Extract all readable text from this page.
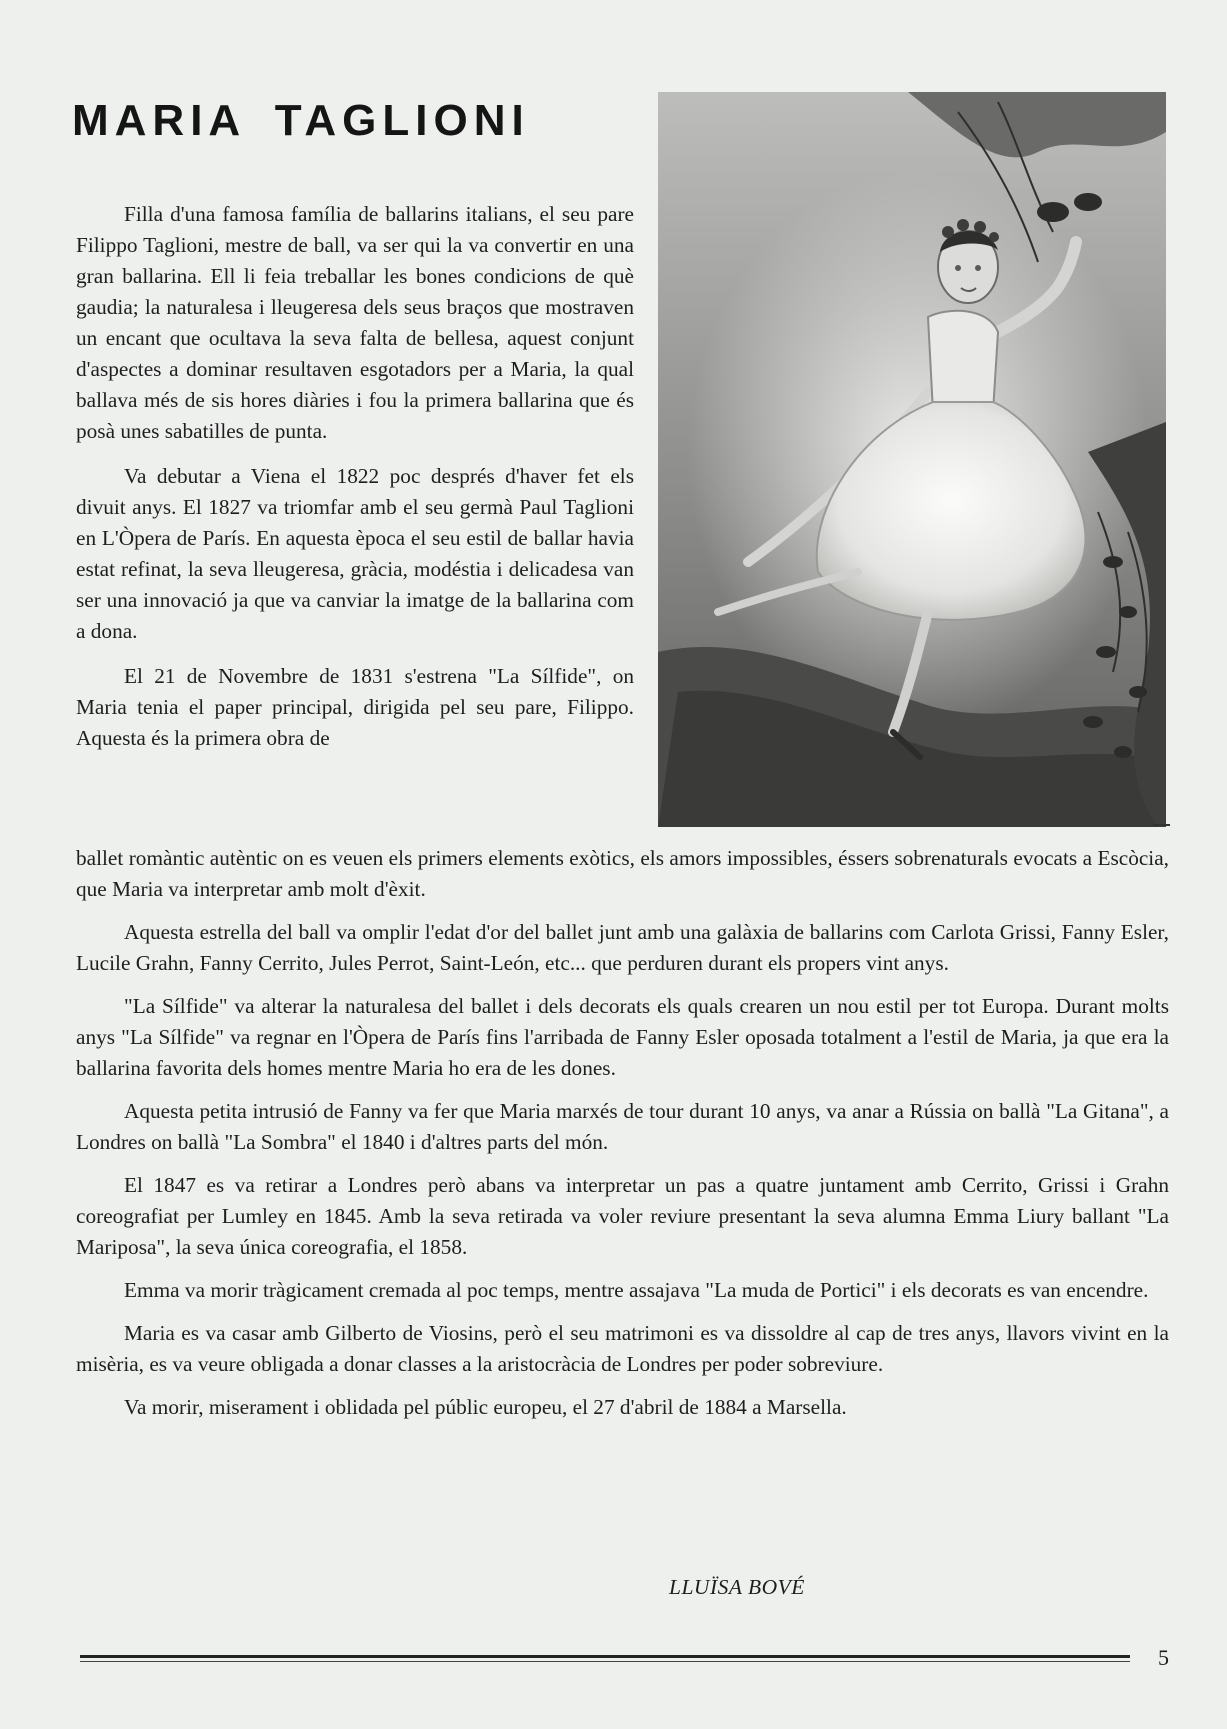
MARIA TAGLIONI

Filla d'una famosa família de ballarins italians, el seu pare Filippo Taglioni, mestre de ball, va ser qui la va convertir en una gran ballarina. Ell li feia treballar les bones condicions de què gaudia; la naturalesa i lleugeresa dels seus braços que mostraven un encant que ocultava la seva falta de bellesa, aquest conjunt d'aspectes a dominar resultaven esgotadors per a Maria, la qual ballava més de sis hores diàries i fou la primera ballarina que és posà unes sabatilles de punta.

Va debutar a Viena el 1822 poc després d'haver fet els divuit anys. El 1827 va triomfar amb el seu germà Paul Taglioni en L'Òpera de París. En aquesta època el seu estil de ballar havia estat refinat, la seva lleugeresa, gràcia, modéstia i delicadesa van ser una innovació ja que va canviar la imatge de la ballarina com a dona.

El 21 de Novembre de 1831 s'estrena "La Sílfide", on Maria tenia el paper principal, dirigida pel seu pare, Filippo. Aquesta és la primera obra de

ballet romàntic autèntic on es veuen els primers elements exòtics, els amors impossibles, éssers sobrenaturals evocats a Escòcia, que Maria va interpretar amb molt d'èxit.

Aquesta estrella del ball va omplir l'edat d'or del ballet junt amb una galàxia de ballarins com Carlota Grissi, Fanny Esler, Lucile Grahn, Fanny Cerrito, Jules Perrot, Saint-León, etc... que perduren durant els propers vint anys.

"La Sílfide" va alterar la naturalesa del ballet i dels decorats els quals crearen un nou estil per tot Europa. Durant molts anys "La Sílfide" va regnar en l'Òpera de París fins l'arribada de Fanny Esler oposada totalment a l'estil de Maria, ja que era la ballarina favorita dels homes mentre Maria ho era de les dones.

Aquesta petita intrusió de Fanny va fer que Maria marxés de tour durant 10 anys, va anar a Rússia on ballà "La Gitana", a Londres on ballà "La Sombra" el 1840 i d'altres parts del món.

El 1847 es va retirar a Londres però abans va interpretar un pas a quatre juntament amb Cerrito, Grissi i Grahn coreografiat per Lumley en 1845. Amb la seva retirada va voler reviure presentant la seva alumna Emma Liury ballant "La Mariposa", la seva única coreografia, el 1858.

Emma va morir tràgicament cremada al poc temps, mentre assajava "La muda de Portici" i els decorats es van encendre.

Maria es va casar amb Gilberto de Viosins, però el seu matrimoni es va dissoldre al cap de tres anys, llavors vivint en la misèria, es va veure obligada a donar classes a la aristocràcia de Londres per poder sobreviure.

Va morir, miserament i oblidada pel públic europeu, el 27 d'abril de 1884 a Marsella.

LLUÏSA BOVÉ

5
